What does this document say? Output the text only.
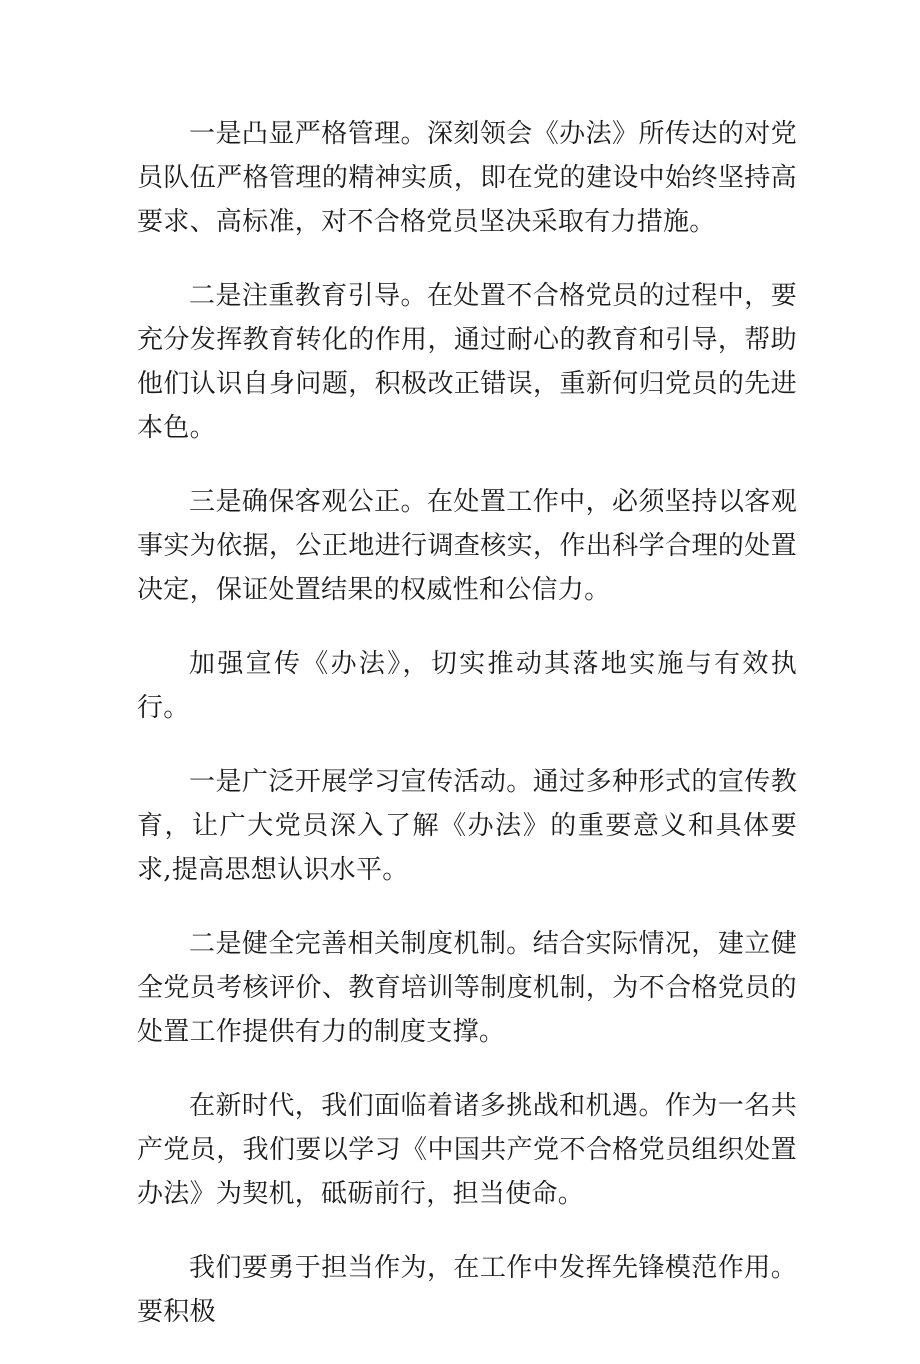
一是凸显严格管理。深刻领会《办法》所传达的对党员队伍严格管理的精神实质，即在党的建设中始终坚持高要求、高标准，对不合格党员坚决采取有力措施。

二是注重教育引导。在处置不合格党员的过程中，要充分发挥教育转化的作用，通过耐心的教育和引导，帮助他们认识自身问题，积极改正错误，重新何归党员的先进本色。

三是确保客观公正。在处置工作中，必须坚持以客观事实为依据，公正地进行调查核实，作出科学合理的处置决定，保证处置结果的权威性和公信力。

加强宣传《办法》，切实推动其落地实施与有效执行。

一是广泛开展学习宣传活动。通过多种形式的宣传教育，让广大党员深入了解《办法》的重要意义和具体要求,提高思想认识水平。

二是健全完善相关制度机制。结合实际情况，建立健全党员考核评价、教育培训等制度机制，为不合格党员的处置工作提供有力的制度支撑。

在新时代，我们面临着诸多挑战和机遇。作为一名共产党员，我们要以学习《中国共产党不合格党员组织处置办法》为契机，砥砺前行，担当使命。

我们要勇于担当作为，在工作中发挥先锋模范作用。要积极
